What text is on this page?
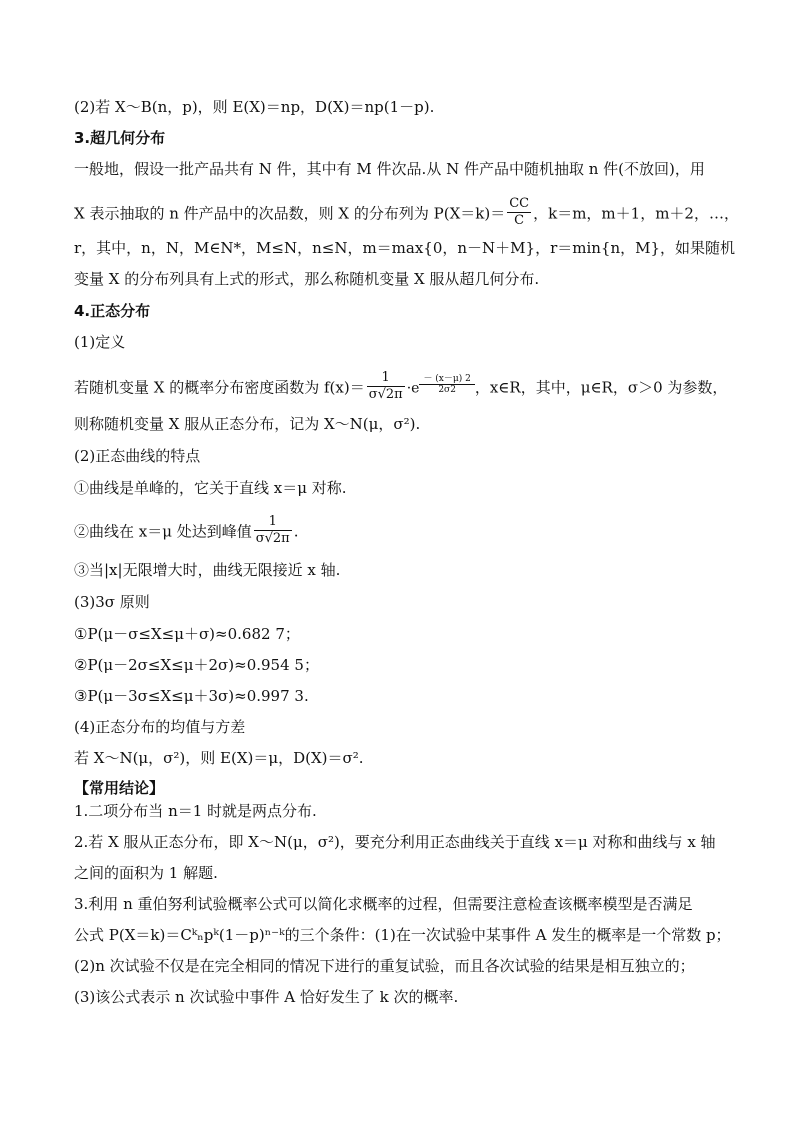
(2)若 X～B(n，p)，则 E(X)＝np，D(X)＝np(1－p).
3.超几何分布
一般地，假设一批产品共有 N 件，其中有 M 件次品.从 N 件产品中随机抽取 n 件(不放回)，用
X 表示抽取的 n 件产品中的次品数，则 X 的分布列为 $P(X=k)= \frac{CC}{C}$ ，k＝m，m＋1，m＋2，…，
r，其中，n，N，M∈N*，M≤N，n≤N，m＝max{0，n－N＋M}，r＝min{n，M}，如果随机
变量 X 的分布列具有上式的形式，那么称随机变量 X 服从超几何分布.
4.正态分布
(1)定义
若随机变量 X 的概率分布密度函数为 $f(x)= \frac{1}{\sigma√2\pi} \cdot e \frac{- (x-\mu) 2}{2\sigma 2}$ ，x∈R，其中，μ∈R，σ＞0 为参数，
则称随机变量 X 服从正态分布，记为 X～N(μ，σ²).
(2)正态曲线的特点
①曲线是单峰的，它关于直线 x＝μ 对称.
②曲线在 x＝μ 处达到峰值 $\frac{1}{\sigma√2\pi}$ .
③当|x|无限增大时，曲线无限接近 x 轴.
(3)3σ 原则
①P(μ－σ≤X≤μ＋σ)≈0.682 7；
②P(μ－2σ≤X≤μ＋2σ)≈0.954 5；
③P(μ－3σ≤X≤μ＋3σ)≈0.997 3.
(4)正态分布的均值与方差
若 X～N(μ，σ²)，则 E(X)＝μ，D(X)＝σ².
【常用结论】
1.二项分布当 n＝1 时就是两点分布.
2.若 X 服从正态分布，即 X～N(μ，σ²)，要充分利用正态曲线关于直线 x＝μ 对称和曲线与 x 轴
之间的面积为 1 解题.
3.利用 n 重伯努利试验概率公式可以简化求概率的过程，但需要注意检查该概率模型是否满足
公式 P(X＝k)＝Cᵏₙpᵏ(1－p)ⁿ⁻ᵏ的三个条件：(1)在一次试验中某事件 A 发生的概率是一个常数 p；
(2)n 次试验不仅是在完全相同的情况下进行的重复试验，而且各次试验的结果是相互独立的；
(3)该公式表示 n 次试验中事件 A 恰好发生了 k 次的概率.
